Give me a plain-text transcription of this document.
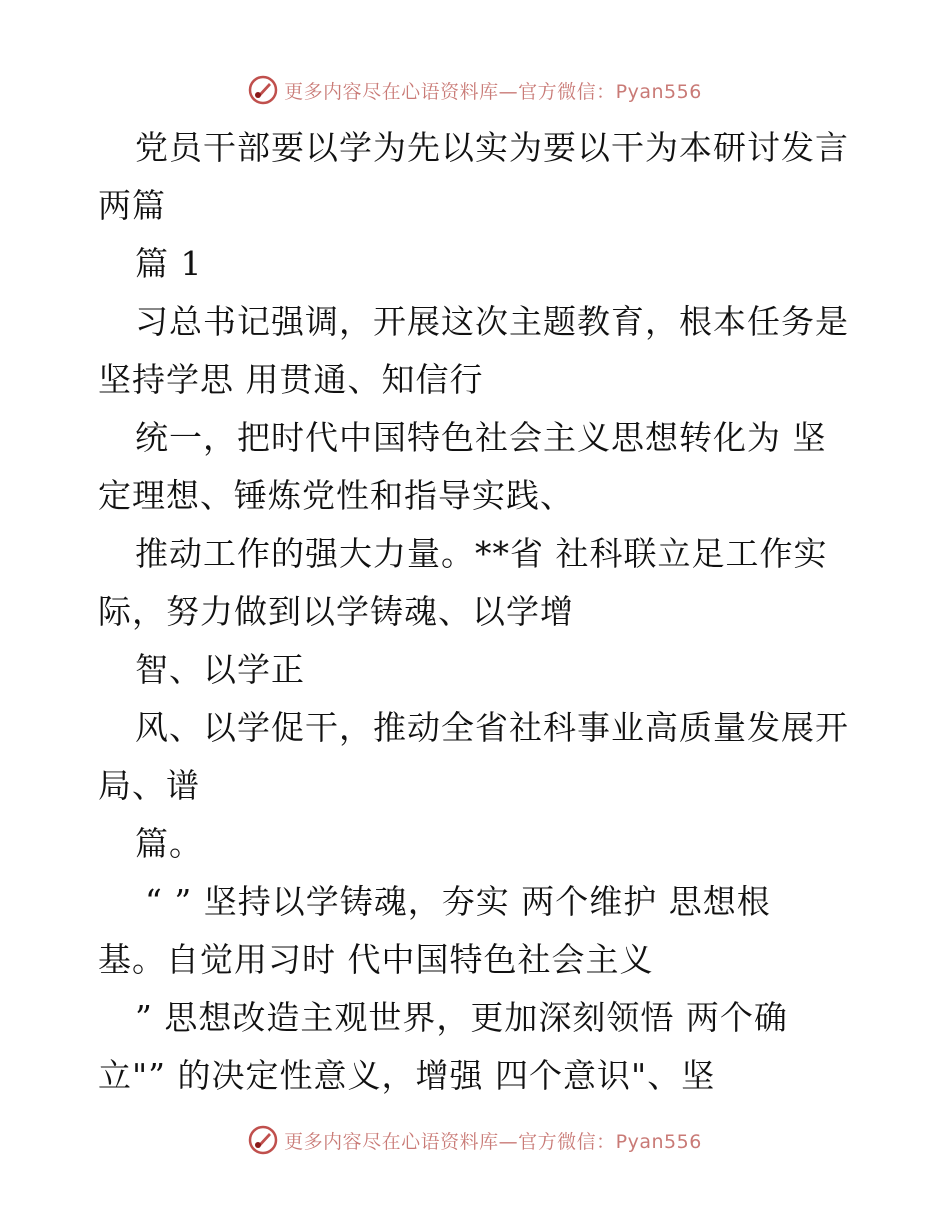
更多内容尽在心语资料库—官方微信：Pyan556
党员干部要以学为先以实为要以干为本研讨发言
两篇
篇 1
习总书记强调，开展这次主题教育，根本任务是
坚持学思 用贯通、知信行
统一，把时代中国特色社会主义思想转化为 坚
定理想、锤炼党性和指导实践、
推动工作的强大力量。**省 社科联立足工作实
际，努力做到以学铸魂、以学增
智、以学正
风、以学促干，推动全省社科事业高质量发展开
局、谱
篇。
“ ” 坚持以学铸魂，夯实 两个维护 思想根
基。自觉用习时 代中国特色社会主义
” 思想改造主观世界，更加深刻领悟 两个确
立"” 的决定性意义，增强 四个意识"、坚
更多内容尽在心语资料库—官方微信：Pyan556
